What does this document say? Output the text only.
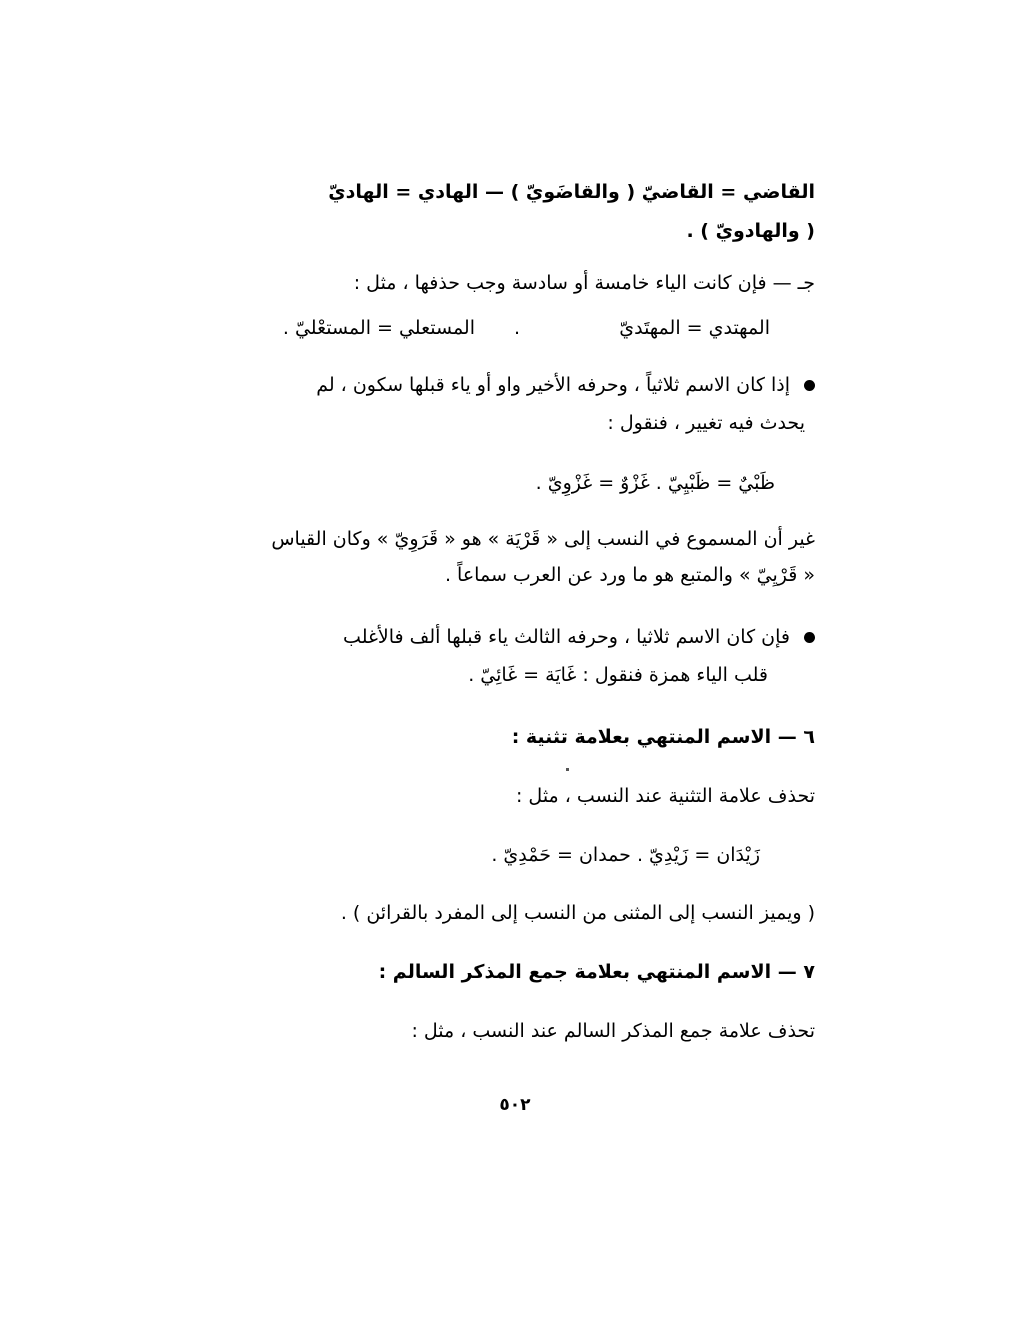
القاضي = القاضيّ ( والقاضَويّ ) — الهادي = الهاديّ
( والهادويّ ) .
جـ — فإن كانت الياء خامسة أو سادسة وجب حذفها ، مثل :
المهتدي = المهتَديّ
.
المستعلي = المستعْليّ .
إذا كان الاسم ثلاثياً ، وحرفه الأخير واو أو ياء قبلها سكون ، لم
يحدث فيه تغيير ، فنقول :
ظَبْيٌ = ظَبْيِيّ . غَزْوٌ = غَزْوِيّ .
غير أن المسموع في النسب إلى « قَرْيَة » هو « قَرَوِيّ » وكان القياس
« قَرْيِيّ » والمتبع هو ما ورد عن العرب سماعاً .
فإن كان الاسم ثلاثيا ، وحرفه الثالث ياء قبلها ألف فالأغلب
قلب الياء همزة فنقول : غَايَة = غَائِيّ .
٦ — الاسم المنتهي بعلامة تثنية :
تحذف علامة التثنية عند النسب ، مثل :
زَيْدَان = زَيْدِيّ . حمدان = حَمْدِيّ .
( ويميز النسب إلى المثنى من النسب إلى المفرد بالقرائن ) .
٧ — الاسم المنتهي بعلامة جمع المذكر السالم :
تحذف علامة جمع المذكر السالم عند النسب ، مثل :
٥٠٢
